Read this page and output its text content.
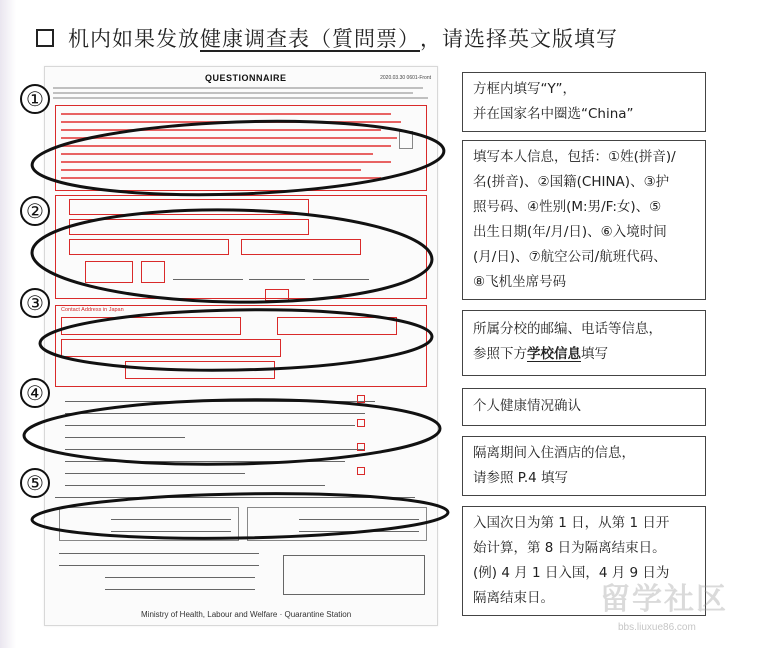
机内如果发放 健康调查表（質問票） ，请选择英文版填写
QUESTIONNAIRE	2020.03.30 0601-Front
Contact Address in Japan
Ministry of Health, Labour and Welfare · Quarantine Station
①
②
③
④
⑤
方框内填写“Y”，
并在国家名中圈选“China”
填写本人信息，包括：①姓(拼音)/
名(拼音)、②国籍(CHINA)、③护
照号码、④性别(M:男/F:女)、⑤
出生日期(年/月/日)、⑥入境时间
(月/日)、⑦航空公司/航班代码、
⑧飞机坐席号码
所属分校的邮编、电话等信息，
参照下方学校信息填写
个人健康情况确认
隔离期间入住酒店的信息，
请参照 P.4 填写
入国次日为第 1 日，从第 1 日开
始计算，第 8 日为隔离结束日。
(例) 4 月 1 日入国，4 月 9 日为
隔离结束日。	留学社区
bbs.liuxue86.com
